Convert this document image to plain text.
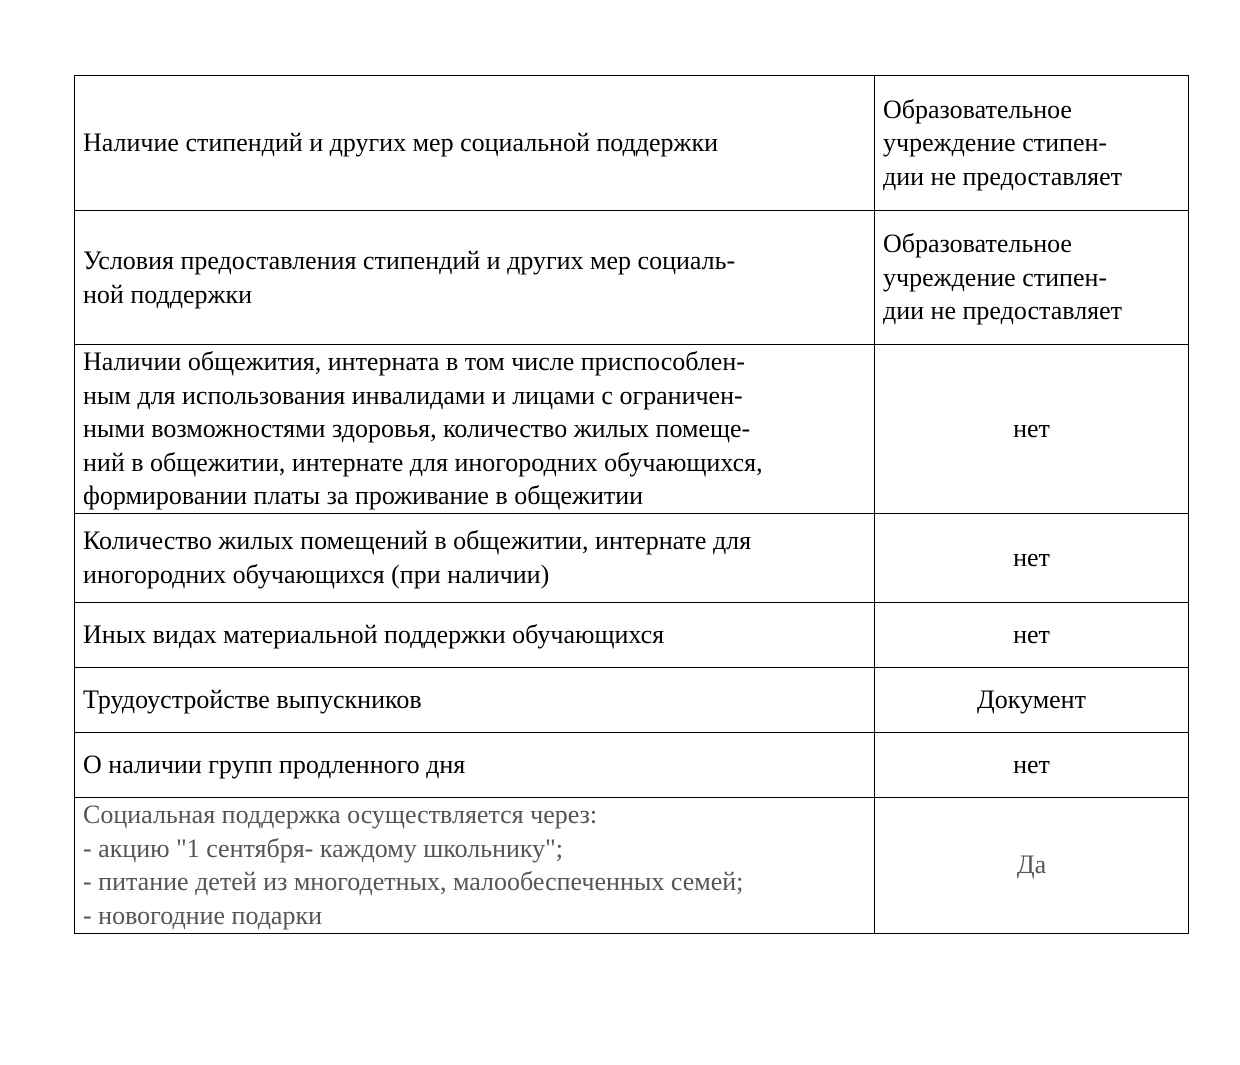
Наличие стипендий и других мер социальной поддержки	Образовательное
учреждение стипен-
дии не предоставляет

Условия предоставления стипендий и других мер социаль-
ной поддержки	Образовательное
учреждение стипен-
дии не предоставляет

Наличии общежития, интерната в том числе приспособлен-
ным для использования инвалидами и лицами с ограничен-
ными возможностями здоровья, количество жилых помеще-
ний в общежитии, интернате для иногородних обучающихся,
формировании платы за проживание в общежитии	нет

Количество жилых помещений в общежитии, интернате для
иногородних обучающихся (при наличии)	нет

Иных видах материальной поддержки обучающихся	нет

Трудоустройстве выпускников	Документ

О наличии групп продленного дня	нет

Социальная поддержка осуществляется через:
- акцию "1 сентября- каждому школьнику";
- питание детей из многодетных, малообеспеченных семей;
- новогодние подарки	Да
